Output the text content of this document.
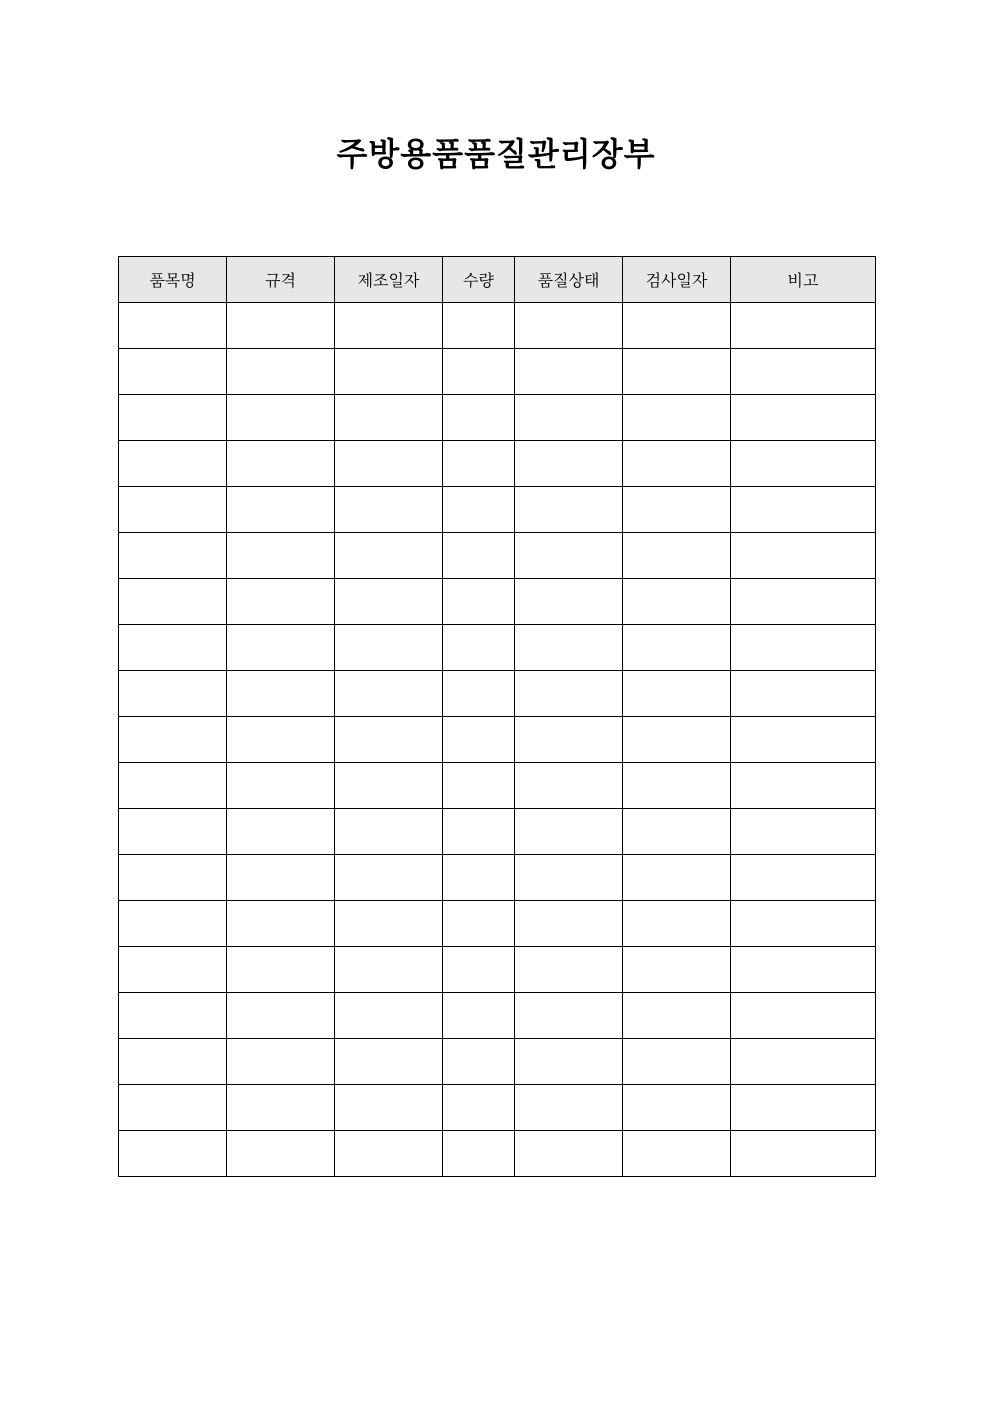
주방용품품질관리장부
품목명	규격	제조일자	수량	품질상태	검사일자	비고
